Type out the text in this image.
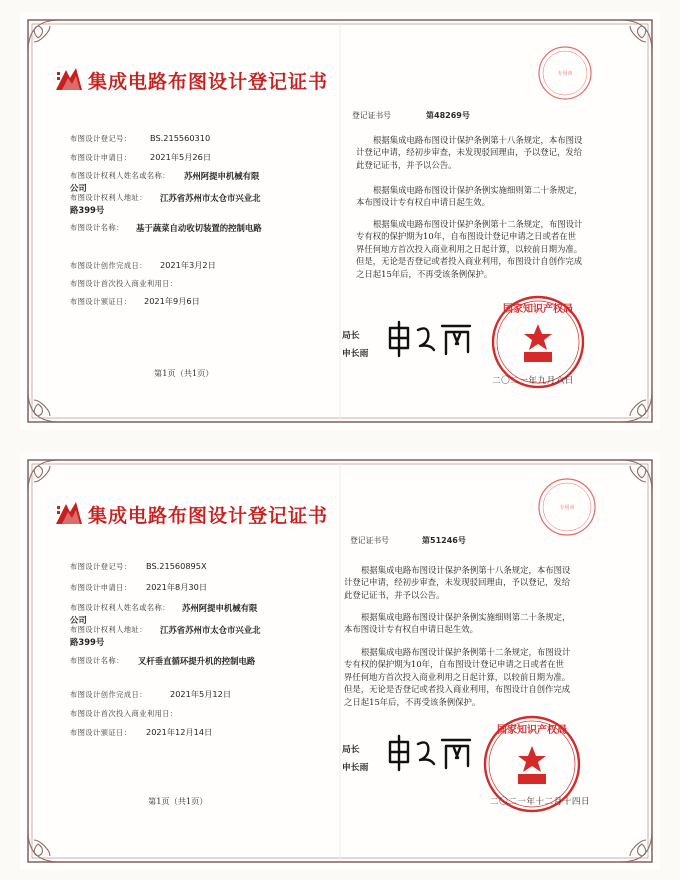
集成电路布图设计登记证书	专用章
登记证书号	第48269号
布图设计登记号： BS.215560310
布图设计申请日： 2021年5月26日
布图设计权利人姓名或名称： 苏州阿提申机械有限
公司
布图设计权利人地址： 江苏省苏州市太仓市兴业北
路399号
布图设计名称： 基于蔬菜自动收切装置的控制电路
布图设计创作完成日： 2021年3月2日
布图设计首次投入商业利用日：
布图设计颁证日： 2021年9月6日
根据集成电路布图设计保护条例第十八条规定，本布图设计登记申请，经初步审查，未发现驳回理由，予以登记，发给此登记证书，并予以公告。
根据集成电路布图设计保护条例实施细则第二十条规定，本布图设计专有权自申请日起生效。
根据集成电路布图设计保护条例第十二条规定，布图设计专有权的保护期为10年，自布图设计登记申请之日或者在世界任何地方首次投入商业利用之日起计算，以较前日期为准。但是，无论是否登记或者投入商业利用，布图设计自创作完成之日起15年后，不再受该条例保护。
国家知识产权局
局长
申长雨
二〇二一年九月六日
第1页（共1页）
集成电路布图设计登记证书	专用章
登记证书号	第51246号
布图设计登记号： BS.21560895X
布图设计申请日： 2021年8月30日
布图设计权利人姓名或名称： 苏州阿提申机械有限
公司
布图设计权利人地址： 江苏省苏州市太仓市兴业北
路399号
布图设计名称： 叉杆垂直循环提升机的控制电路
布图设计创作完成日：	2021年5月12日
布图设计首次投入商业利用日：
布图设计颁证日： 2021年12月14日
根据集成电路布图设计保护条例第十八条规定，本布图设计登记申请，经初步审查，未发现驳回理由，予以登记，发给此登记证书，并予以公告。
根据集成电路布图设计保护条例实施细则第二十条规定，本布图设计专有权自申请日起生效。
根据集成电路布图设计保护条例第十二条规定，布图设计专有权的保护期为10年，自布图设计登记申请之日或者在世界任何地方首次投入商业利用之日起计算，以较前日期为准。但是，无论是否登记或者投入商业利用，布图设计自创作完成之日起15年后，不再受该条例保护。
国家知识产权局
局长
申长雨
二〇二一年十二月十四日
第1页（共1页）
